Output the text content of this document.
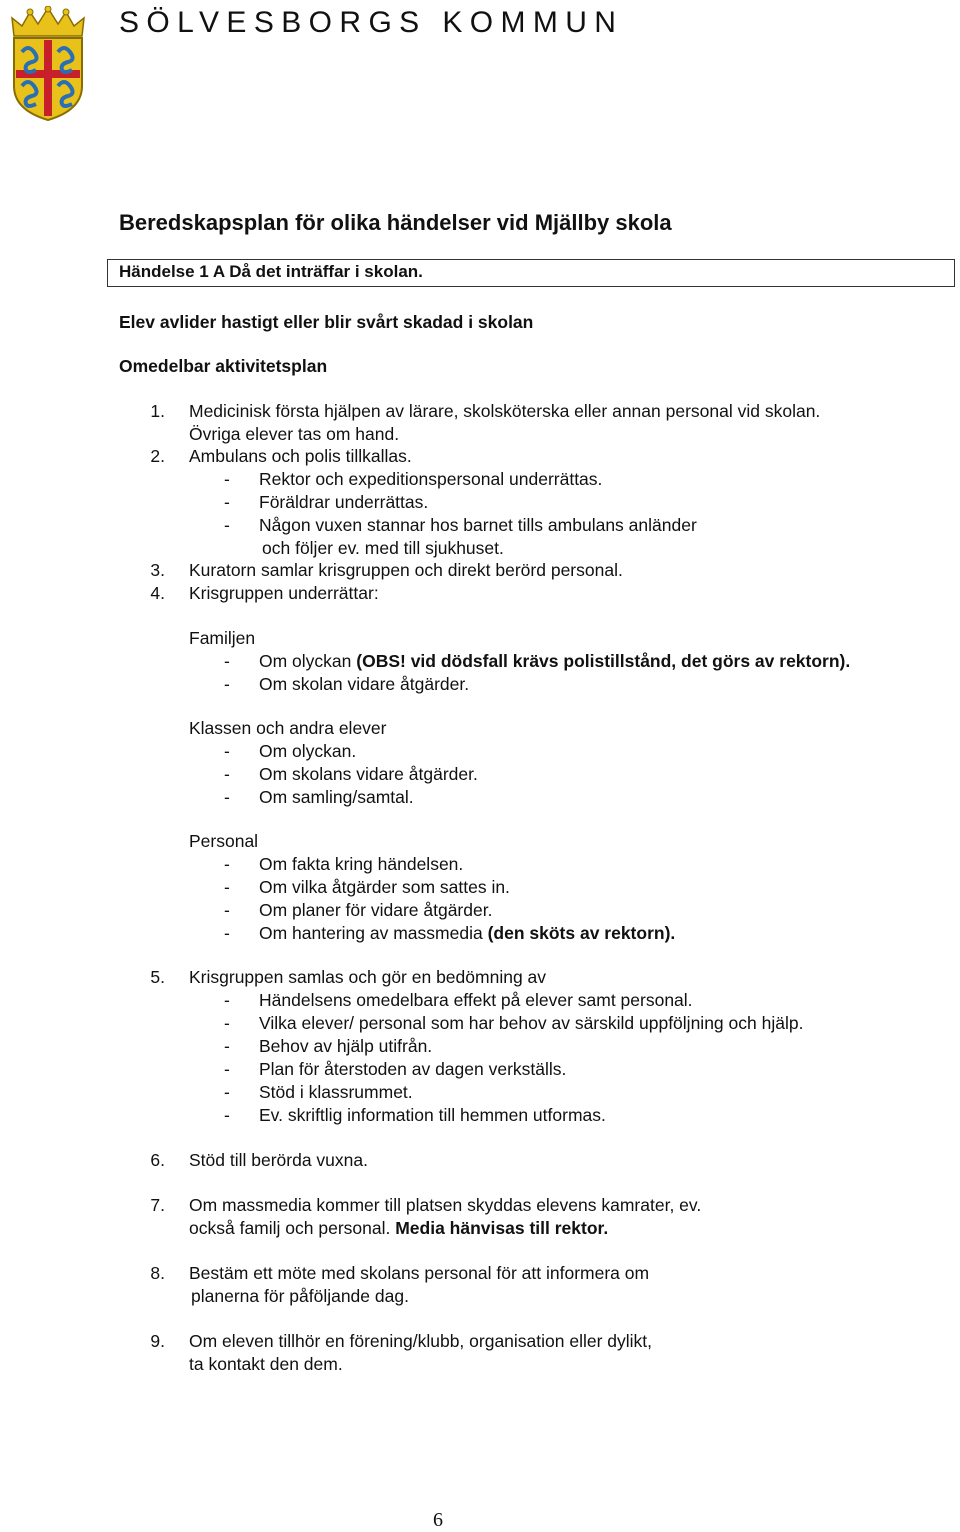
SÖLVESBORGS KOMMUN
Beredskapsplan för olika händelser vid Mjällby skola
Händelse 1 A Då det inträffar i skolan.
Elev avlider hastigt eller blir svårt skadad i skolan
Omedelbar aktivitetsplan
1. Medicinisk första hjälpen av lärare, skolsköterska eller annan personal vid skolan.
Övriga elever tas om hand.
2. Ambulans och polis tillkallas.
- Rektor och expeditionspersonal underrättas.
- Föräldrar underrättas.
- Någon vuxen stannar hos barnet tills ambulans anländer
och följer ev. med till sjukhuset.
3. Kuratorn samlar krisgruppen och direkt berörd personal.
4. Krisgruppen underrättar:
Familjen
- Om olyckan (OBS! vid dödsfall krävs polistillstånd, det görs av rektorn).
- Om skolan vidare åtgärder.
Klassen och andra elever
- Om olyckan.
- Om skolans vidare åtgärder.
- Om samling/samtal.
Personal
- Om fakta kring händelsen.
- Om vilka åtgärder som sattes in.
- Om planer för vidare åtgärder.
- Om hantering av massmedia (den sköts av rektorn).
5. Krisgruppen samlas och gör en bedömning av
- Händelsens omedelbara effekt på elever samt personal.
- Vilka elever/ personal som har behov av särskild uppföljning och hjälp.
- Behov av hjälp utifrån.
- Plan för återstoden av dagen verkställs.
- Stöd i klassrummet.
- Ev. skriftlig information till hemmen utformas.
6. Stöd till berörda vuxna.
7. Om massmedia kommer till platsen skyddas elevens kamrater, ev.
också familj och personal. Media hänvisas till rektor.
8. Bestäm ett möte med skolans personal för att informera om
planerna för påföljande dag.
9. Om eleven tillhör en förening/klubb, organisation eller dylikt,
ta kontakt den dem.
6
